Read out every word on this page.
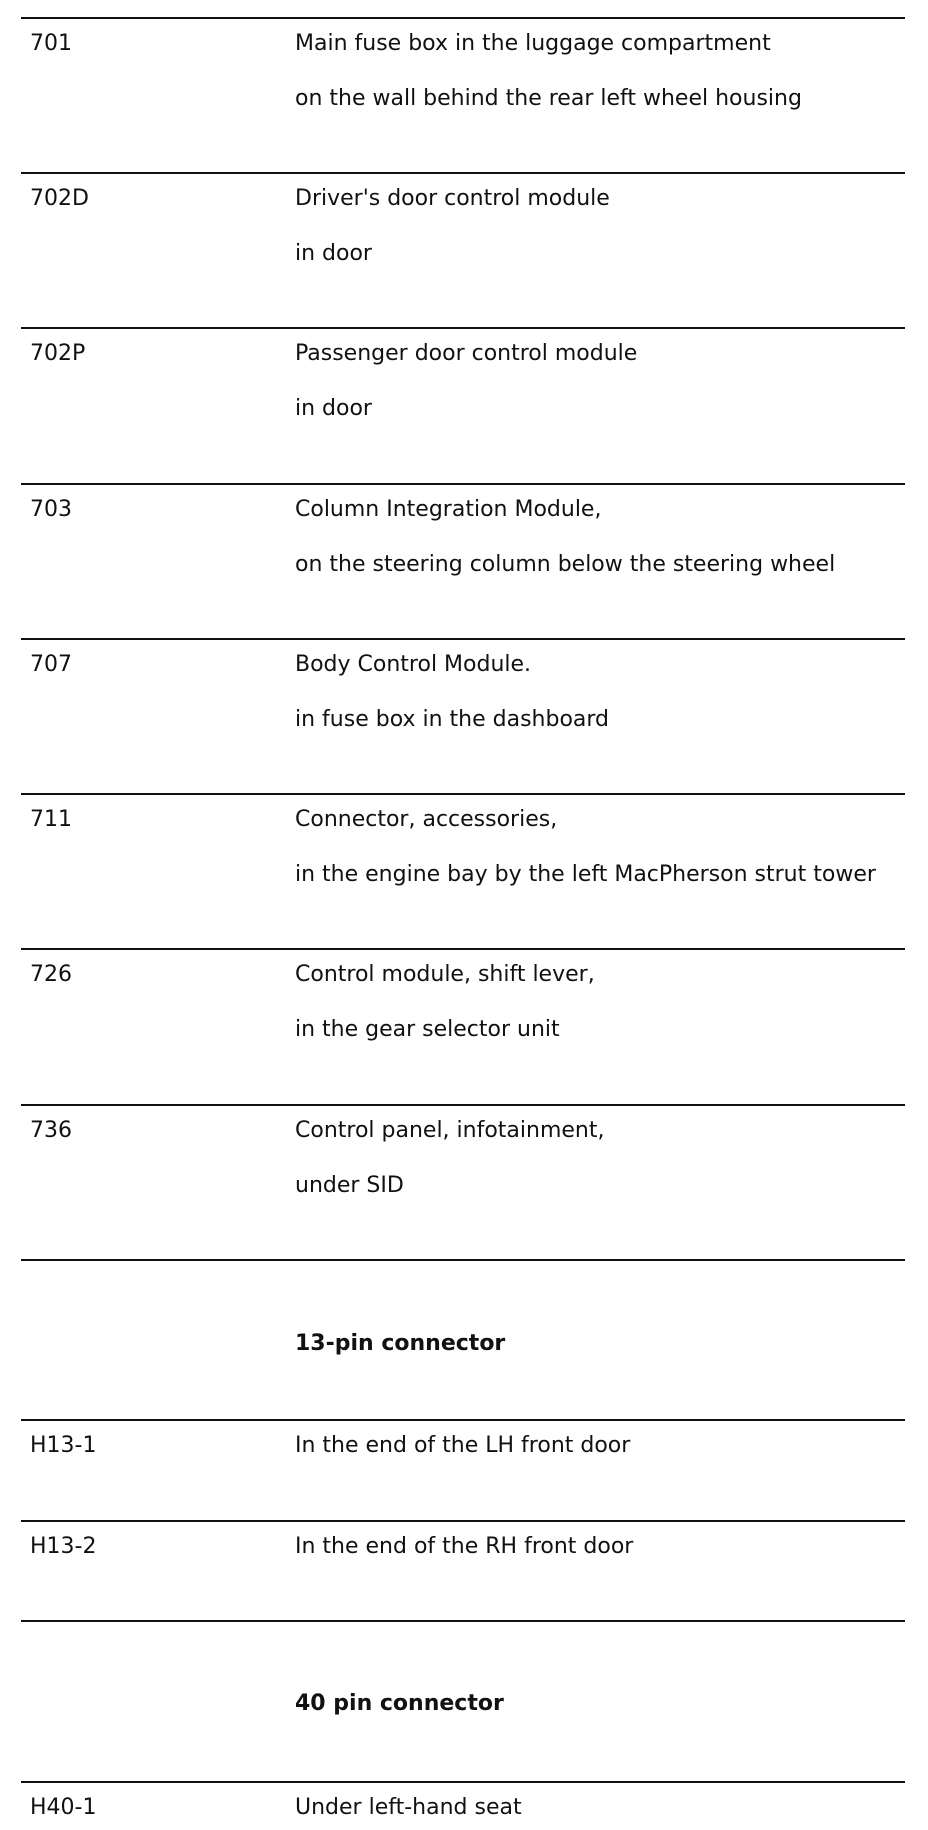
701	Main fuse box in the luggage compartment
on the wall behind the rear left wheel housing
702D	Driver's door control module
in door
702P	Passenger door control module
in door
703	Column Integration Module,
on the steering column below the steering wheel
707	Body Control Module.
in fuse box in the dashboard
711	Connector, accessories,
in the engine bay by the left MacPherson strut tower
726	Control module, shift lever,
in the gear selector unit
736	Control panel, infotainment,
under SID
13-pin connector
H13-1	In the end of the LH front door
H13-2	In the end of the RH front door
40 pin connector
H40-1	Under left-hand seat
